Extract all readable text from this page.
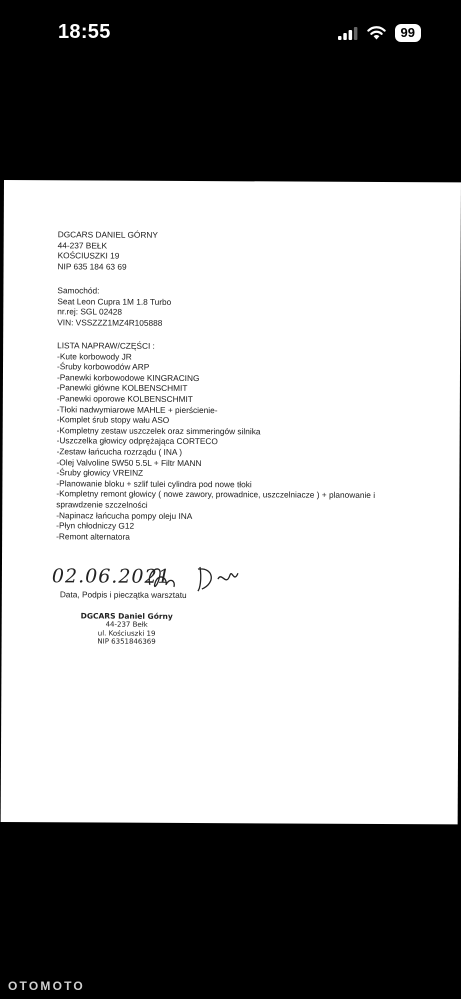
18:55	99
DGCARS DANIEL GÓRNY
44-237 BEŁK
KOŚCIUSZKI 19
NIP 635 184 63 69
Samochód:
Seat Leon Cupra 1M 1.8 Turbo
nr.rej: SGL 02428
VIN: VSSZZZ1MZ4R105888
LISTA NAPRAW/CZĘŚCI :
-Kute korbowody JR
-Śruby korbowodów ARP
-Panewki korbowodowe KINGRACING
-Panewki główne KOLBENSCHMIT
-Panewki oporowe KOLBENSCHMIT
-Tłoki nadwymiarowe MAHLE + pierścienie-
-Komplet śrub stopy wału ASO
-Kompletny zestaw uszczelek oraz simmeringów silnika
-Uszczelka głowicy odprężająca CORTECO
-Zestaw łańcucha rozrządu ( INA )
-Olej Valvoline 5W50 5.5L + Filtr MANN
-Śruby głowicy VREINZ
-Planowanie bloku + szlif tulei cylindra pod nowe tłoki
-Kompletny remont głowicy ( nowe zawory, prowadnice, uszczelniacze ) + planowanie i sprawdzenie szczelności
-Napinacz łańcucha pompy oleju INA
-Płyn chłodniczy G12
-Remont alternatora
02.06.2021
Data, Podpis i pieczątka warsztatu
DGCARS Daniel Górny
44-237 Bełk
ul. Kościuszki 19
NIP 6351846369
OTOMOTO
